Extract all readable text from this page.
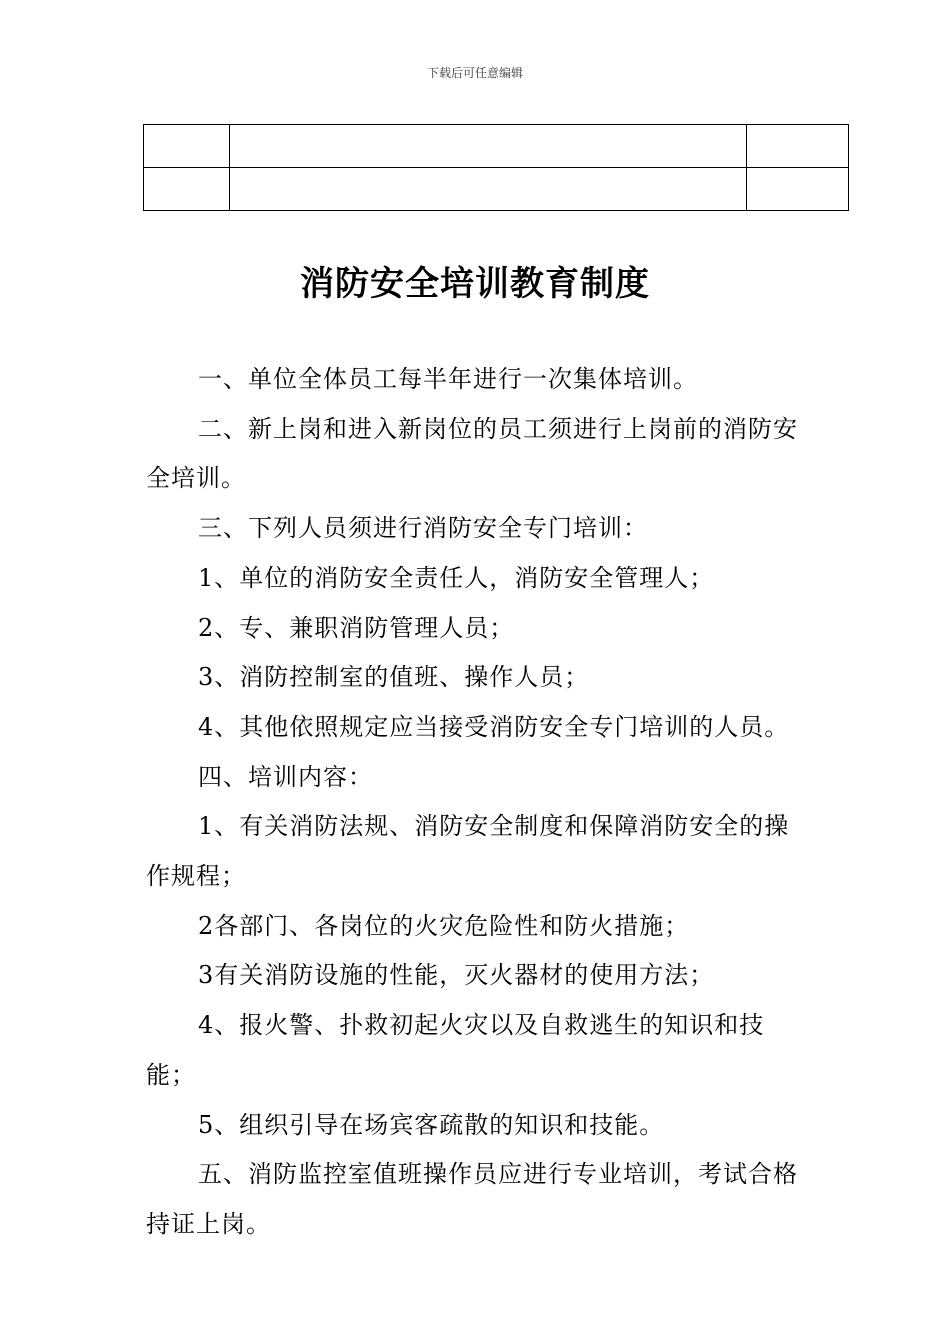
下载后可任意编辑

消防安全培训教育制度

一、单位全体员工每半年进行一次集体培训。

二、新上岗和进入新岗位的员工须进行上岗前的消防安全培训。

三、下列人员须进行消防安全专门培训：

1、单位的消防安全责任人，消防安全管理人；

2、专、兼职消防管理人员；

3、消防控制室的值班、操作人员；

4、其他依照规定应当接受消防安全专门培训的人员。

四、培训内容：

1、有关消防法规、消防安全制度和保障消防安全的操作规程；

2各部门、各岗位的火灾危险性和防火措施；

3有关消防设施的性能，灭火器材的使用方法；

4、报火警、扑救初起火灾以及自救逃生的知识和技能；

5、组织引导在场宾客疏散的知识和技能。

五、消防监控室值班操作员应进行专业培训，考试合格持证上岗。
